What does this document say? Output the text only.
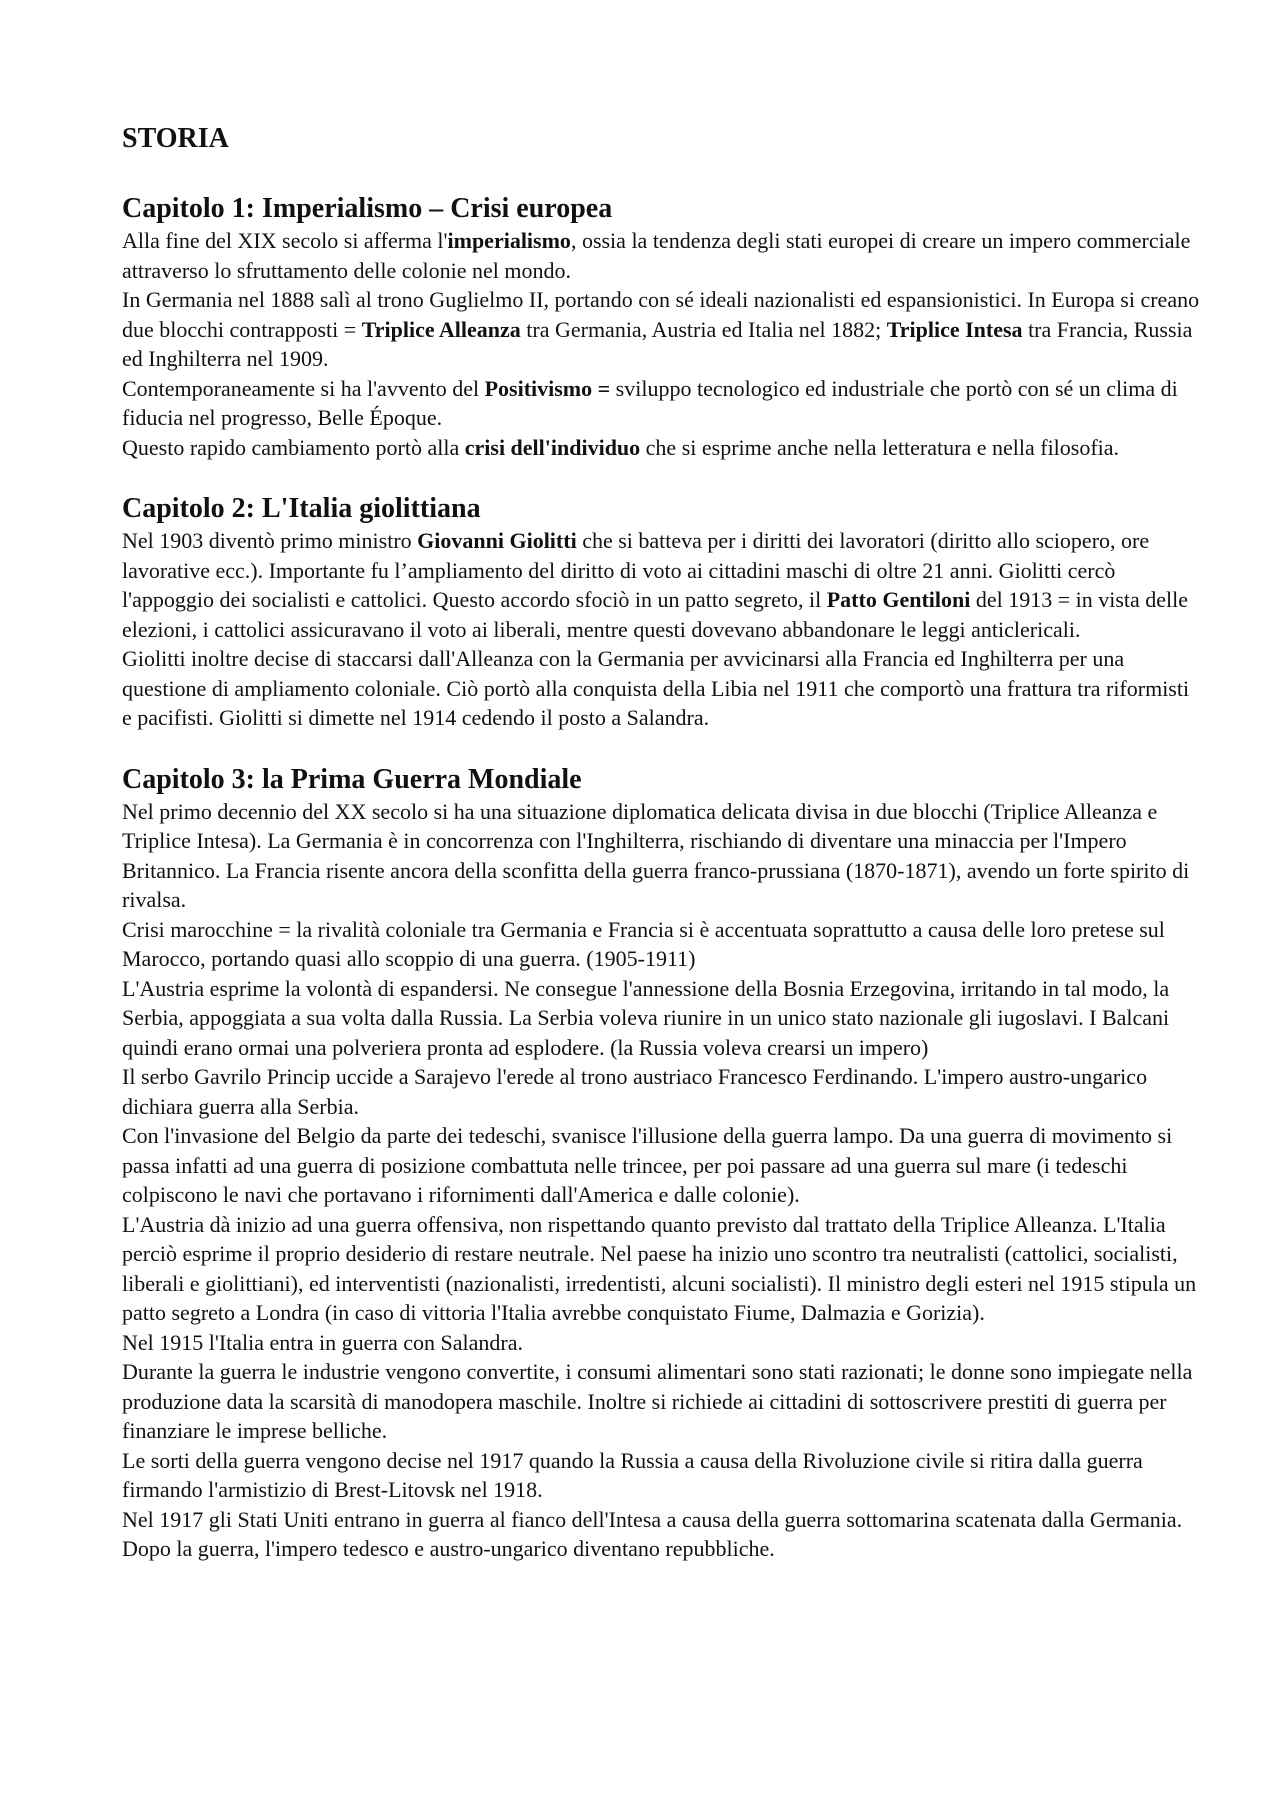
STORIA
Capitolo 1: Imperialismo – Crisi europea

Alla fine del XIX secolo si afferma l'imperialismo, ossia la tendenza degli stati europei di creare un impero commerciale attraverso lo sfruttamento delle colonie nel mondo.

In Germania nel 1888 salì al trono Guglielmo II, portando con sé ideali nazionalisti ed espansionistici. In Europa si creano due blocchi contrapposti = Triplice Alleanza tra Germania, Austria ed Italia nel 1882; Triplice Intesa tra Francia, Russia ed Inghilterra nel 1909.

Contemporaneamente si ha l'avvento del Positivismo = sviluppo tecnologico ed industriale che portò con sé un clima di fiducia nel progresso, Belle Époque.

Questo rapido cambiamento portò alla crisi dell'individuo che si esprime anche nella letteratura e nella filosofia.

Capitolo 2: L'Italia giolittiana

Nel 1903 diventò primo ministro Giovanni Giolitti che si batteva per i diritti dei lavoratori (diritto allo sciopero, ore lavorative ecc.). Importante fu l’ampliamento del diritto di voto ai cittadini maschi di oltre 21 anni. Giolitti cercò l'appoggio dei socialisti e cattolici. Questo accordo sfociò in un patto segreto, il Patto Gentiloni del 1913 = in vista delle elezioni, i cattolici assicuravano il voto ai liberali, mentre questi dovevano abbandonare le leggi anticlericali.

Giolitti inoltre decise di staccarsi dall'Alleanza con la Germania per avvicinarsi alla Francia ed Inghilterra per una questione di ampliamento coloniale. Ciò portò alla conquista della Libia nel 1911 che comportò una frattura tra riformisti e pacifisti. Giolitti si dimette nel 1914 cedendo il posto a Salandra.

Capitolo 3: la Prima Guerra Mondiale

Nel primo decennio del XX secolo si ha una situazione diplomatica delicata divisa in due blocchi (Triplice Alleanza e Triplice Intesa). La Germania è in concorrenza con l'Inghilterra, rischiando di diventare una minaccia per l'Impero Britannico. La Francia risente ancora della sconfitta della guerra franco-prussiana (1870-1871), avendo un forte spirito di rivalsa.

Crisi marocchine = la rivalità coloniale tra Germania e Francia si è accentuata soprattutto a causa delle loro pretese sul Marocco, portando quasi allo scoppio di una guerra. (1905-1911)

L'Austria esprime la volontà di espandersi. Ne consegue l'annessione della Bosnia Erzegovina, irritando in tal modo, la Serbia, appoggiata a sua volta dalla Russia. La Serbia voleva riunire in un unico stato nazionale gli iugoslavi. I Balcani quindi erano ormai una polveriera pronta ad esplodere. (la Russia voleva crearsi un impero)

Il serbo Gavrilo Princip uccide a Sarajevo l'erede al trono austriaco Francesco Ferdinando. L'impero austro-ungarico dichiara guerra alla Serbia.

Con l'invasione del Belgio da parte dei tedeschi, svanisce l'illusione della guerra lampo. Da una guerra di movimento si passa infatti ad una guerra di posizione combattuta nelle trincee, per poi passare ad una guerra sul mare (i tedeschi colpiscono le navi che portavano i rifornimenti dall'America e dalle colonie).

L'Austria dà inizio ad una guerra offensiva, non rispettando quanto previsto dal trattato della Triplice Alleanza. L'Italia perciò esprime il proprio desiderio di restare neutrale. Nel paese ha inizio uno scontro tra neutralisti (cattolici, socialisti, liberali e giolittiani), ed interventisti (nazionalisti, irredentisti, alcuni socialisti). Il ministro degli esteri nel 1915 stipula un patto segreto a Londra (in caso di vittoria l'Italia avrebbe conquistato Fiume, Dalmazia e Gorizia).

Nel 1915 l'Italia entra in guerra con Salandra.

Durante la guerra le industrie vengono convertite, i consumi alimentari sono stati razionati; le donne sono impiegate nella produzione data la scarsità di manodopera maschile. Inoltre si richiede ai cittadini di sottoscrivere prestiti di guerra per finanziare le imprese belliche.

Le sorti della guerra vengono decise nel 1917 quando la Russia a causa della Rivoluzione civile si ritira dalla guerra firmando l'armistizio di Brest-Litovsk nel 1918.

Nel 1917 gli Stati Uniti entrano in guerra al fianco dell'Intesa a causa della guerra sottomarina scatenata dalla Germania. Dopo la guerra, l'impero tedesco e austro-ungarico diventano repubbliche.
